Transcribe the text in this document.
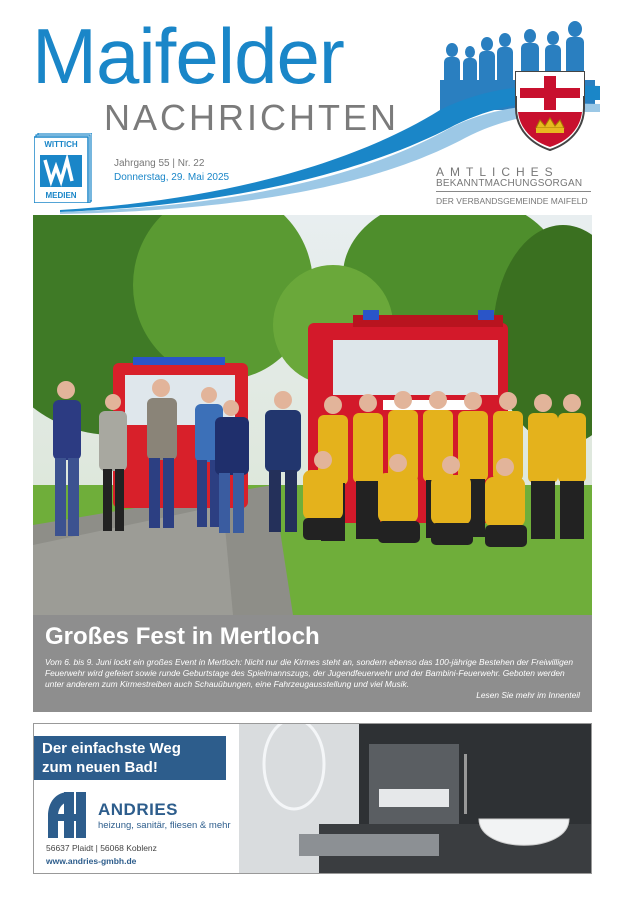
Maifelder
NACHRICHTEN
WITTICH
MEDIEN
Jahrgang 55 | Nr. 22
Donnerstag, 29. Mai 2025	AMTLICHES
BEKANNTMACHUNGSORGAN
DER VERBANDSGEMEINDE MAIFELD
Großes Fest in Mertloch
Vom 6. bis 9. Juni lockt ein großes Event in Mertloch: Nicht nur die Kirmes steht an, sondern ebenso das 100-jährige Bestehen der Freiwilligen Feuerwehr wird gefeiert sowie runde Geburtstage des Spielmannszugs, der Jugendfeuerwehr und der Bambini-Feuerwehr. Geboten werden unter anderem zum Kirmestreiben auch Schauübungen, eine Fahrzeugausstellung und viel Musik.
Lesen Sie mehr im Innenteil
Der einfachste Weg
zum neuen Bad!
ANDRIES
heizung, sanitär, fliesen & mehr
56637 Plaidt | 56068 Koblenz
www.andries-gmbh.de
